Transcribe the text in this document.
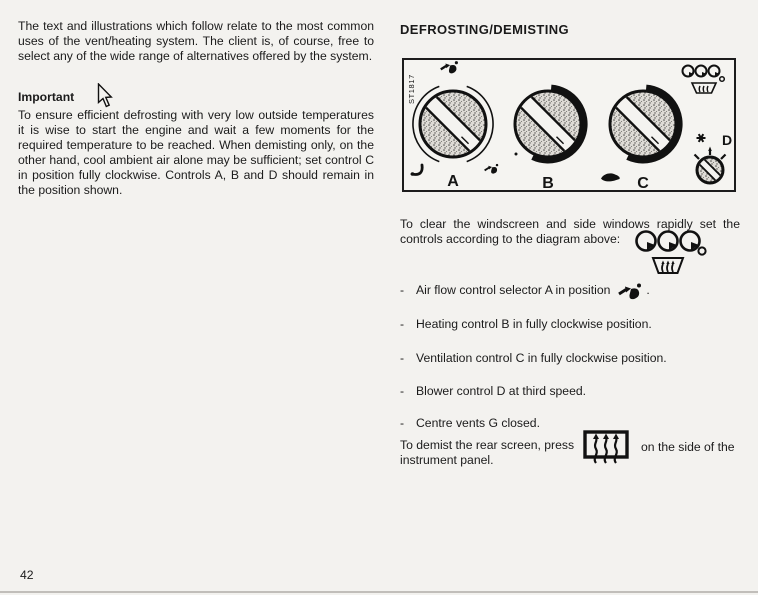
The text and illustrations which follow relate to the most common uses of the vent/heating system. The client is, of course, free to select any of the wide range of alternatives offered by the system.
Important
To ensure efficient defrosting with very low outside temperatures it is wise to start the engine and wait a few moments for the required temperature to be reached. When demisting only, on the other hand, cool ambient air alone may be sufficient; set control C in position fully clockwise. Controls A, B and D should remain in the position shown.
42
DEFROSTING/DEMISTING
ST1817
A	B	C
D
To clear the windscreen and side windows rapidly set the controls according to the diagram above:
- Air flow control selector A in position	.
- Heating control B in fully clockwise position.
- Ventilation control C in fully clockwise position.
- Blower control D at third speed.
- Centre vents G closed.
To demist the rear screen, press	on the side of the
instrument panel.
